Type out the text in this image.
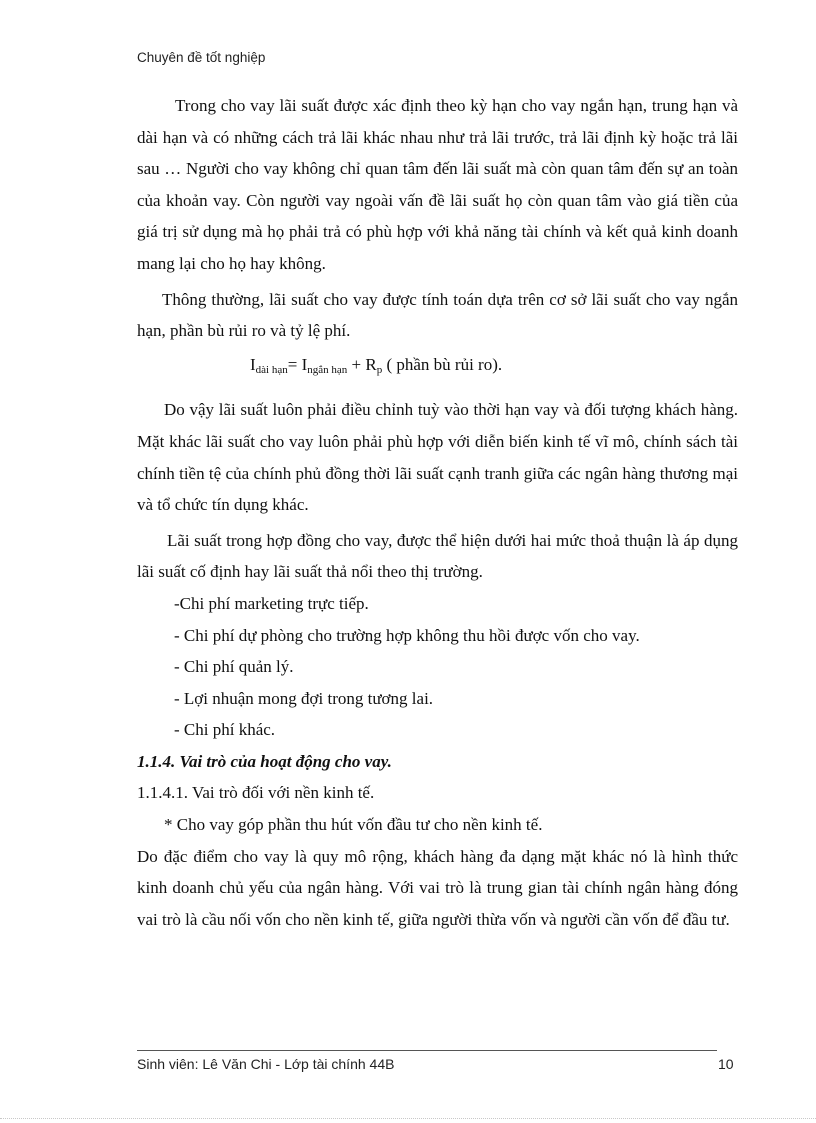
Chuyên đề tốt nghiệp

Trong cho vay lãi suất được xác định theo kỳ hạn cho vay ngắn hạn, trung hạn và dài hạn và có những cách trả lãi khác nhau như trả lãi trước, trả lãi định kỳ hoặc trả lãi sau … Người cho vay không chỉ quan tâm đến lãi suất mà còn quan tâm đến sự an toàn của khoản vay. Còn người vay ngoài vấn đề lãi suất họ còn quan tâm vào giá tiền của giá trị sử dụng mà họ phải trả có phù hợp với khả năng tài chính và kết quả kinh doanh mang lại cho họ hay không.

Thông thường, lãi suất cho vay được tính toán dựa trên cơ sở lãi suất cho vay ngắn hạn, phần bù rủi ro và tỷ lệ phí.

$I_{dài hạn}= I_{ngắn hạn} + R_p$ ( phần bù rủi ro).

Do vậy lãi suất luôn phải điều chỉnh tuỳ vào thời hạn vay và đối tượng khách hàng. Mặt khác lãi suất cho vay luôn phải phù hợp với diễn biến kinh tế vĩ mô, chính sách tài chính tiền tệ của chính phủ đồng thời lãi suất cạnh tranh giữa các ngân hàng thương mại và tổ chức tín dụng khác.

Lãi suất trong hợp đồng cho vay, được thể hiện dưới hai mức thoả thuận là áp dụng lãi suất cố định hay lãi suất thả nổi theo thị trường.

-Chi phí marketing trực tiếp.

- Chi phí dự phòng cho trường hợp không thu hồi được vốn cho vay.

- Chi phí quản lý.

- Lợi nhuận mong đợi trong tương lai.

- Chi phí khác.

1.1.4. Vai trò của hoạt động cho vay.

1.1.4.1. Vai trò đối với nền kinh tế.

* Cho vay góp phần thu hút vốn đầu tư cho nền kinh tế.

Do đặc điểm cho vay là quy mô rộng, khách hàng đa dạng mặt khác nó là hình thức kinh doanh chủ yếu của ngân hàng. Với vai trò là trung gian tài chính ngân hàng đóng vai trò là cầu nối vốn cho nền kinh tế, giữa người thừa vốn và người cần vốn để đầu tư.

Sinh viên: Lê Văn Chi - Lớp tài chính 44B	10
